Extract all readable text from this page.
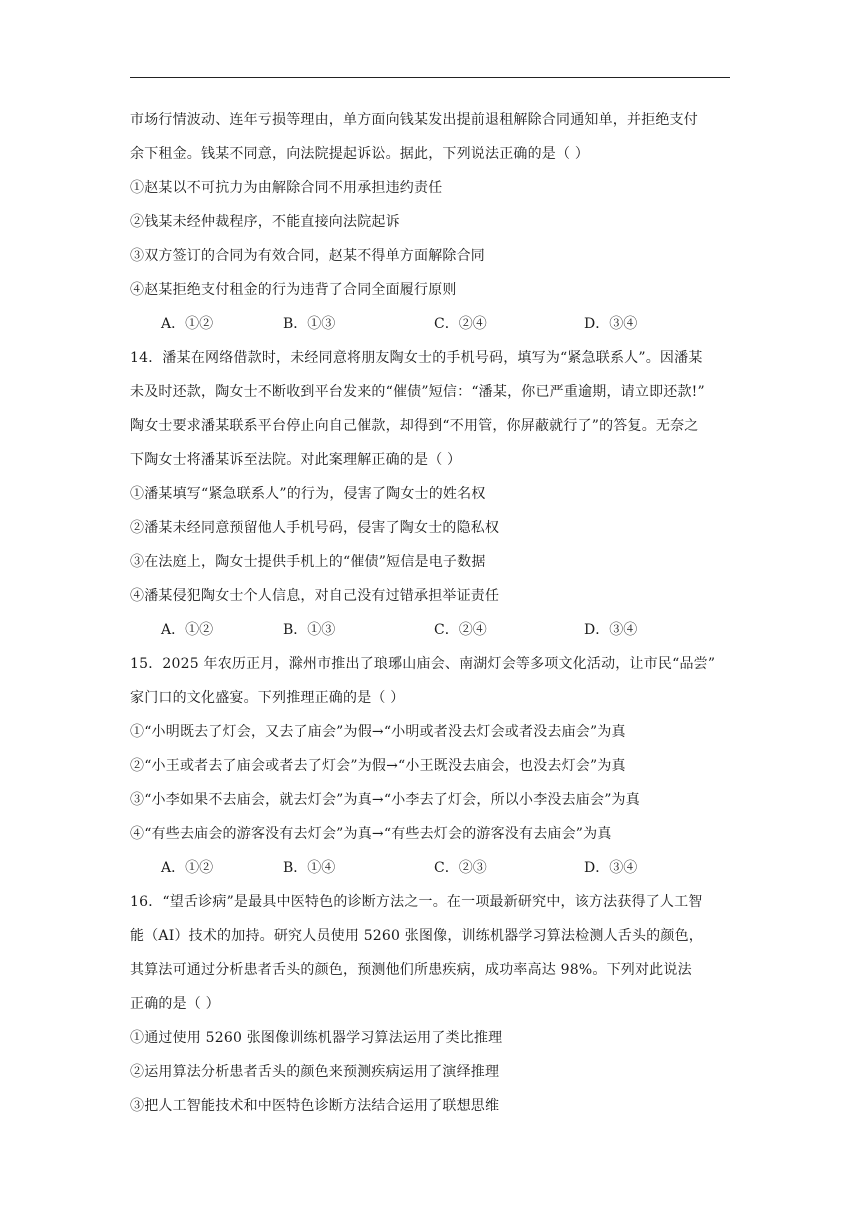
市场行情波动、连年亏损等理由，单方面向钱某发出提前退租解除合同通知单，并拒绝支付
余下租金。钱某不同意，向法院提起诉讼。据此，下列说法正确的是（ ）
①赵某以不可抗力为由解除合同不用承担违约责任
②钱某未经仲裁程序，不能直接向法院起诉
③双方签订的合同为有效合同，赵某不得单方面解除合同
④赵某拒绝支付租金的行为违背了合同全面履行原则
A．①②	B．①③	C．②④	D．③④
14．潘某在网络借款时，未经同意将朋友陶女士的手机号码，填写为“紧急联系人”。因潘某
未及时还款，陶女士不断收到平台发来的“催债”短信：“潘某，你已严重逾期，请立即还款!”
陶女士要求潘某联系平台停止向自己催款，却得到“不用管，你屏蔽就行了”的答复。无奈之
下陶女士将潘某诉至法院。对此案理解正确的是（ ）
①潘某填写“紧急联系人”的行为，侵害了陶女士的姓名权
②潘某未经同意预留他人手机号码，侵害了陶女士的隐私权
③在法庭上，陶女士提供手机上的“催债”短信是电子数据
④潘某侵犯陶女士个人信息，对自己没有过错承担举证责任
A．①②	B．①③	C．②④	D．③④
15．2025 年农历正月，滁州市推出了琅琊山庙会、南湖灯会等多项文化活动，让市民“品尝”
家门口的文化盛宴。下列推理正确的是（ ）
①“小明既去了灯会，又去了庙会”为假→“小明或者没去灯会或者没去庙会”为真
②“小王或者去了庙会或者去了灯会”为假→“小王既没去庙会，也没去灯会”为真
③“小李如果不去庙会，就去灯会”为真→“小李去了灯会，所以小李没去庙会”为真
④“有些去庙会的游客没有去灯会”为真→“有些去灯会的游客没有去庙会”为真
A．①②	B．①④	C．②③	D．③④
16．“望舌诊病”是最具中医特色的诊断方法之一。在一项最新研究中，该方法获得了人工智
能（AI）技术的加持。研究人员使用 5260 张图像，训练机器学习算法检测人舌头的颜色，
其算法可通过分析患者舌头的颜色，预测他们所患疾病，成功率高达 98%。下列对此说法
正确的是（ ）
①通过使用 5260 张图像训练机器学习算法运用了类比推理
②运用算法分析患者舌头的颜色来预测疾病运用了演绎推理
③把人工智能技术和中医特色诊断方法结合运用了联想思维
